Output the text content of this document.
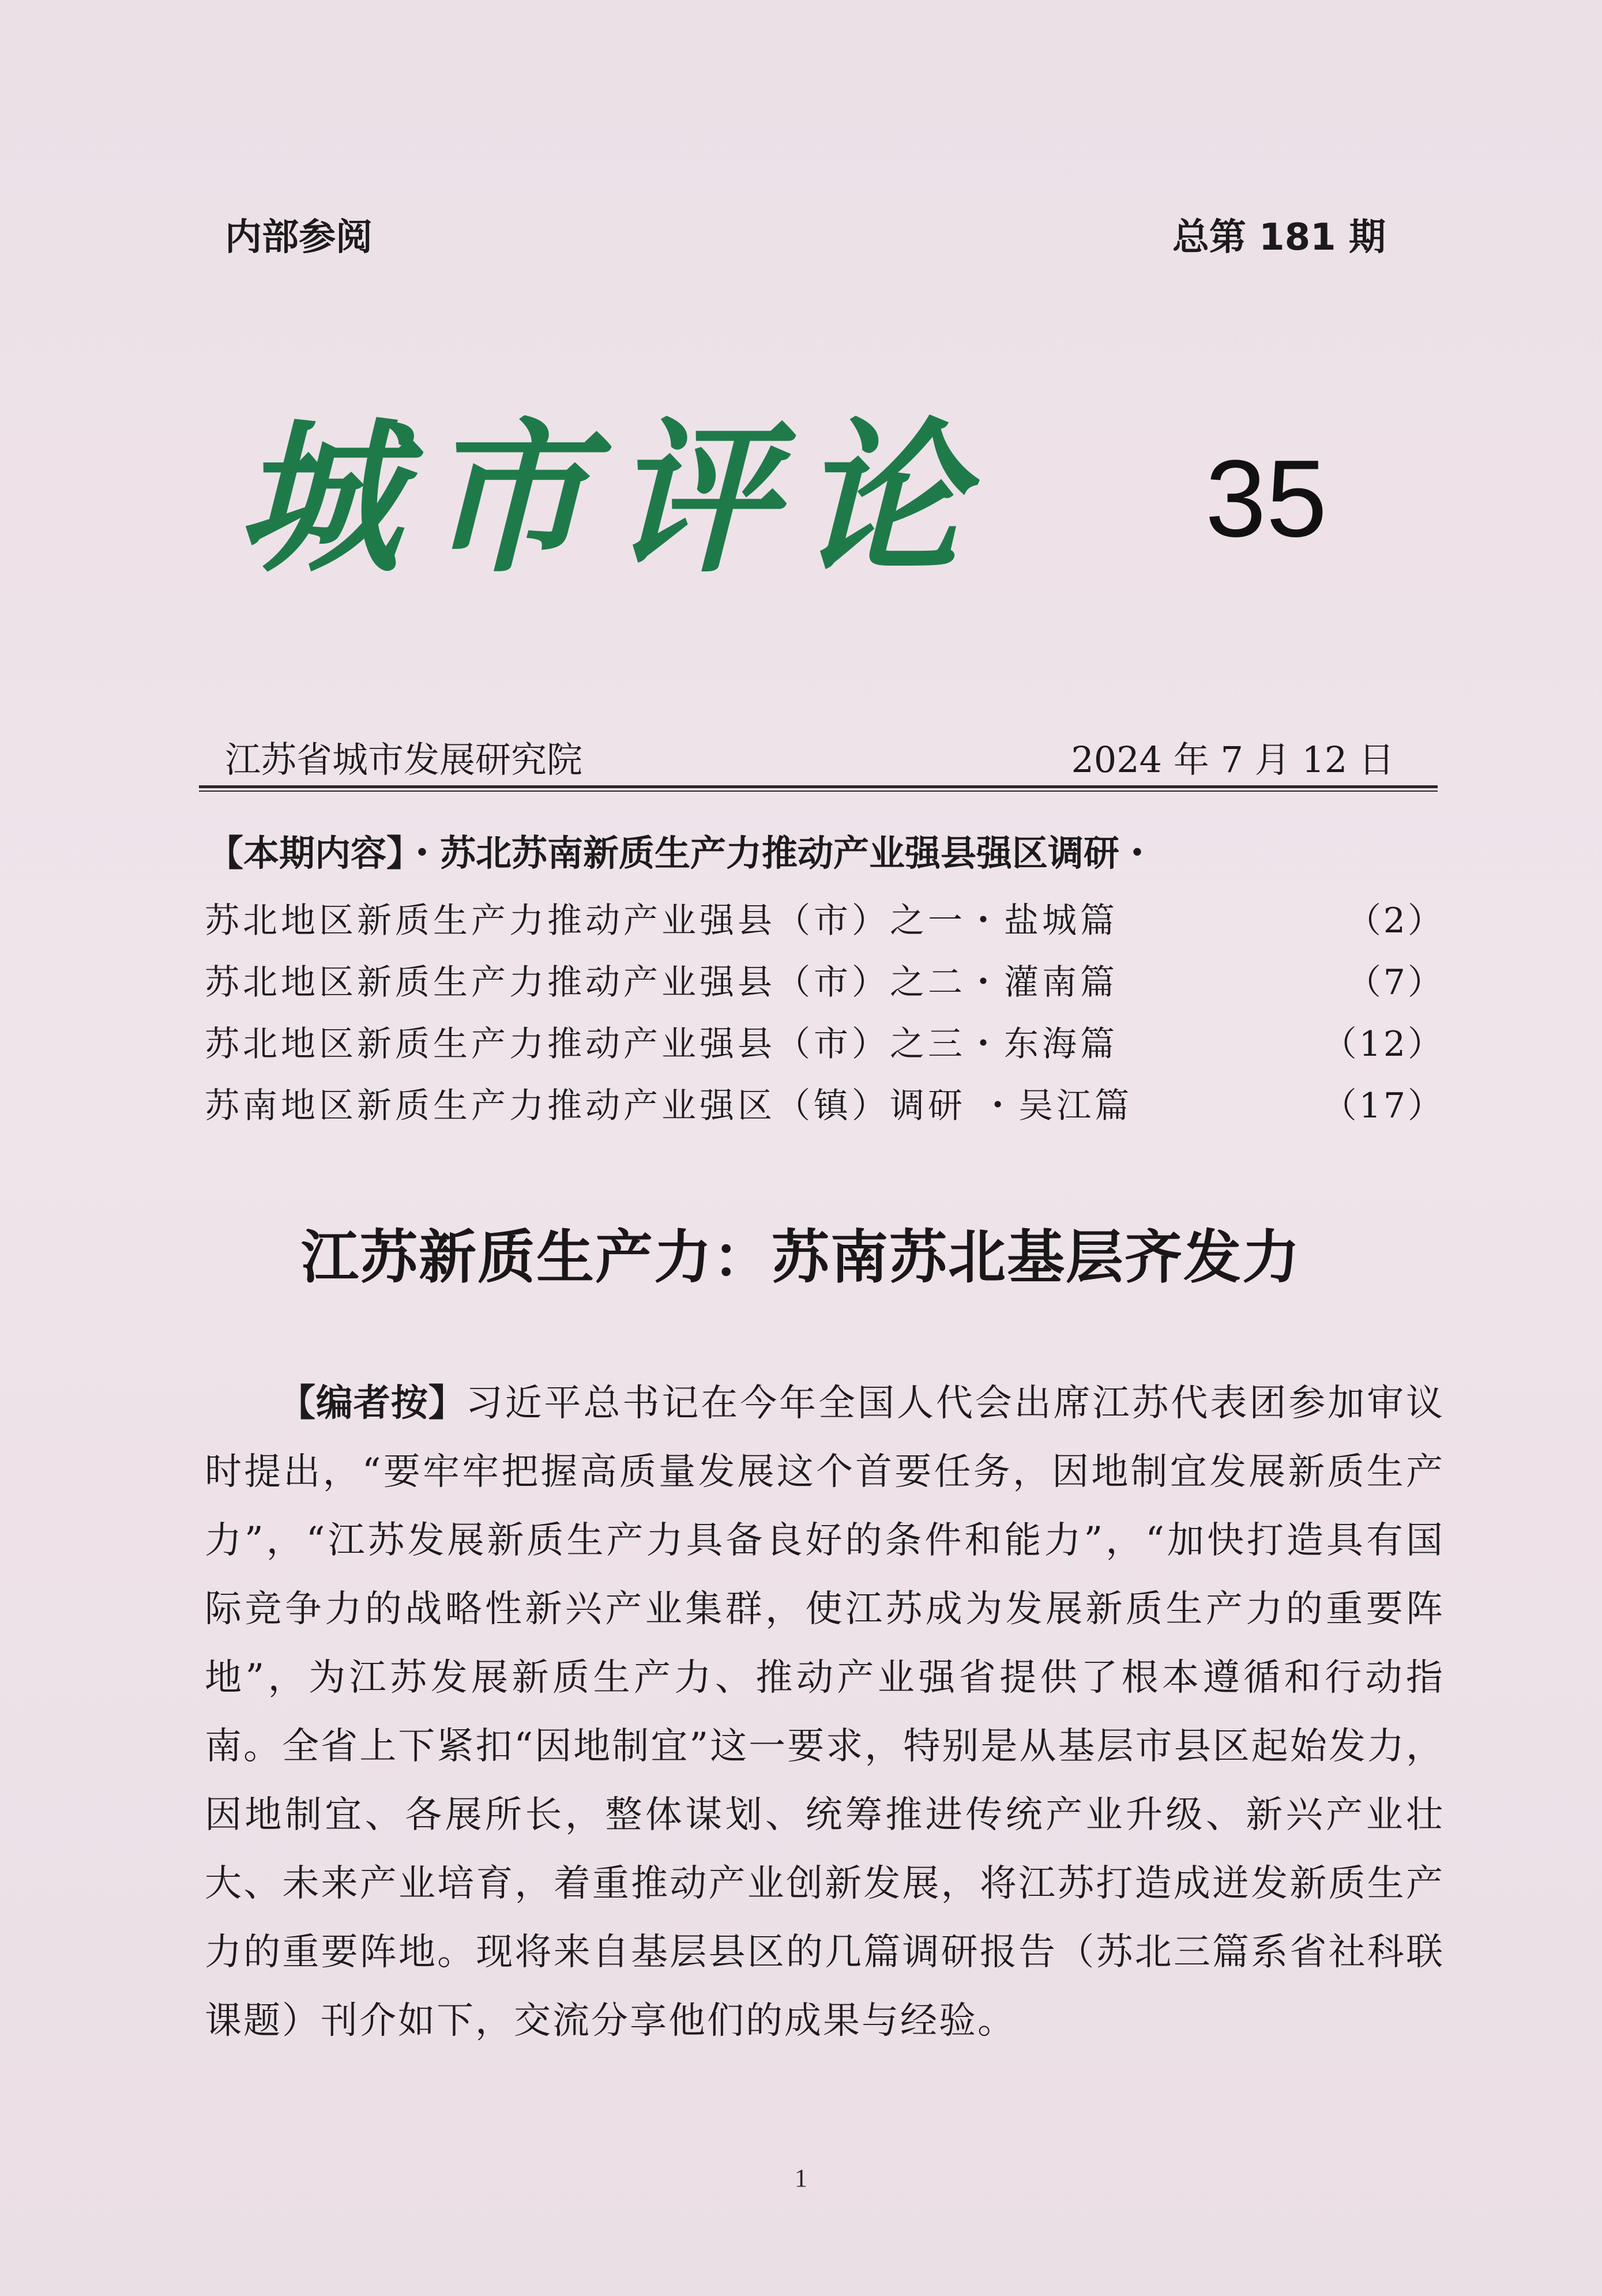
内部参阅	总第 181 期
城市评论 35
江苏省城市发展研究院	2024 年 7 月 12 日
【本期内容】・苏北苏南新质生产力推动产业强县强区调研・
苏北地区新质生产力推动产业强县（市）之一・盐城篇	（2）
苏北地区新质生产力推动产业强县（市）之二・灌南篇	（7）
苏北地区新质生产力推动产业强县（市）之三・东海篇	（12）
苏南地区新质生产力推动产业强区（镇）调研 ・吴江篇	（17）
江苏新质生产力：苏南苏北基层齐发力
【编者按】习近平总书记在今年全国人代会出席江苏代表团参加审议时提出，“要牢牢把握高质量发展这个首要任务，因地制宜发展新质生产力”，“江苏发展新质生产力具备良好的条件和能力”，“加快打造具有国际竞争力的战略性新兴产业集群，使江苏成为发展新质生产力的重要阵地”，为江苏发展新质生产力、推动产业强省提供了根本遵循和行动指南。全省上下紧扣“因地制宜”这一要求，特别是从基层市县区起始发力，因地制宜、各展所长，整体谋划、统筹推进传统产业升级、新兴产业壮大、未来产业培育，着重推动产业创新发展，将江苏打造成迸发新质生产力的重要阵地。现将来自基层县区的几篇调研报告（苏北三篇系省社科联课题）刊介如下，交流分享他们的成果与经验。
1
